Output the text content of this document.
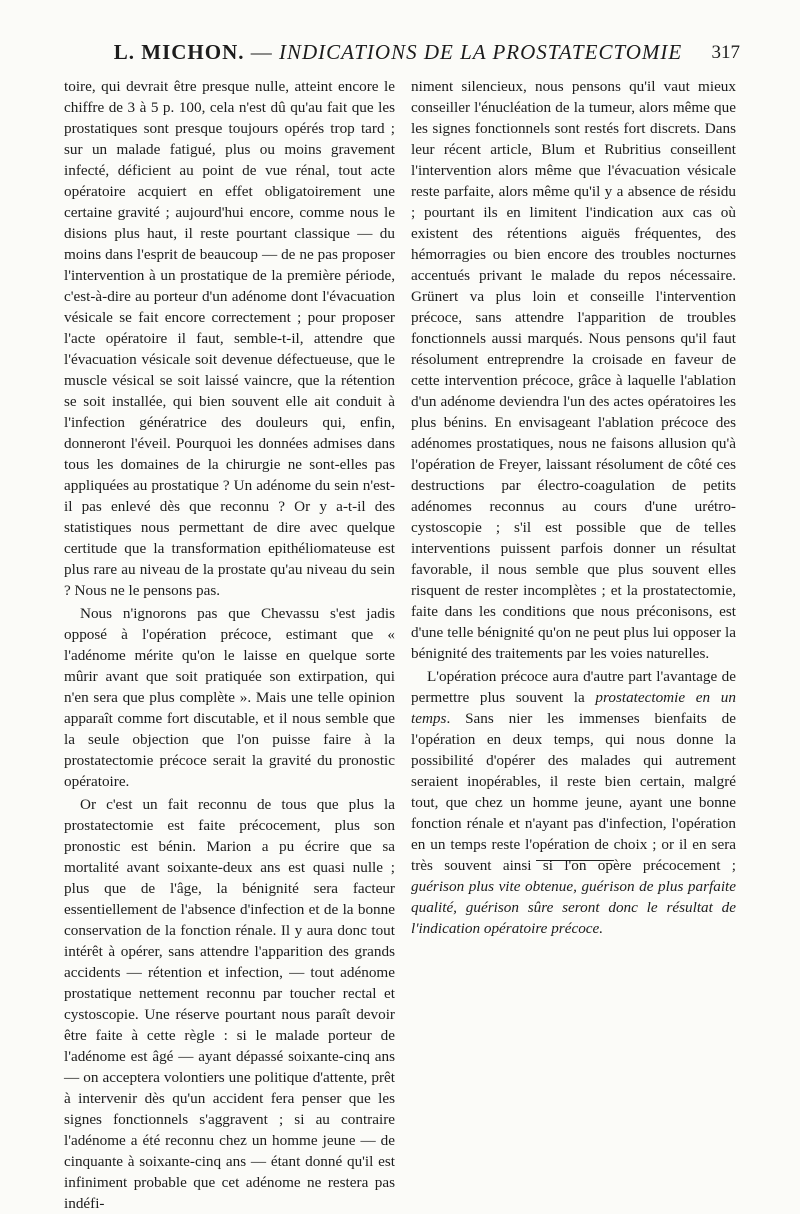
L. MICHON. — INDICATIONS DE LA PROSTATECTOMIE	317

toire, qui devrait être presque nulle, atteint encore le chiffre de 3 à 5 p. 100, cela n'est dû qu'au fait que les prostatiques sont presque toujours opérés trop tard ; sur un malade fatigué, plus ou moins gravement infecté, déficient au point de vue rénal, tout acte opératoire acquiert en effet obligatoirement une certaine gravité ; aujourd'hui encore, comme nous le disions plus haut, il reste pourtant classique — du moins dans l'esprit de beaucoup — de ne pas proposer l'intervention à un prostatique de la première période, c'est-à-dire au porteur d'un adénome dont l'évacuation vésicale se fait encore correctement ; pour proposer l'acte opératoire il faut, semble-t-il, attendre que l'évacuation vésicale soit devenue défectueuse, que le muscle vésical se soit laissé vaincre, que la rétention se soit installée, qui bien souvent elle ait conduit à l'infection génératrice des douleurs qui, enfin, donneront l'éveil. Pourquoi les données admises dans tous les domaines de la chirurgie ne sont-elles pas appliquées au prostatique ? Un adénome du sein n'est-il pas enlevé dès que reconnu ? Or y a-t-il des statistiques nous permettant de dire avec quelque certitude que la transformation epithéliomateuse est plus rare au niveau de la prostate qu'au niveau du sein ? Nous ne le pensons pas.

Nous n'ignorons pas que Chevassu s'est jadis opposé à l'opération précoce, estimant que « l'adénome mérite qu'on le laisse en quelque sorte mûrir avant que soit pratiquée son extirpation, qui n'en sera que plus complète ». Mais une telle opinion apparaît comme fort discutable, et il nous semble que la seule objection que l'on puisse faire à la prostatectomie précoce serait la gravité du pronostic opératoire.

Or c'est un fait reconnu de tous que plus la prostatectomie est faite précocement, plus son pronostic est bénin. Marion a pu écrire que sa mortalité avant soixante-deux ans est quasi nulle ; plus que de l'âge, la bénignité sera facteur essentiellement de l'absence d'infection et de la bonne conservation de la fonction rénale. Il y aura donc tout intérêt à opérer, sans attendre l'apparition des grands accidents — rétention et infection, — tout adénome prostatique nettement reconnu par toucher rectal et cystoscopie. Une réserve pourtant nous paraît devoir être faite à cette règle : si le malade porteur de l'adénome est âgé — ayant dépassé soixante-cinq ans — on acceptera volontiers une politique d'attente, prêt à intervenir dès qu'un accident fera penser que les signes fonctionnels s'aggravent ; si au contraire l'adénome a été reconnu chez un homme jeune — de cinquante à soixante-cinq ans — étant donné qu'il est infiniment probable que cet adénome ne restera pas indéfi-

niment silencieux, nous pensons qu'il vaut mieux conseiller l'énucléation de la tumeur, alors même que les signes fonctionnels sont restés fort discrets. Dans leur récent article, Blum et Rubritius conseillent l'intervention alors même que l'évacuation vésicale reste parfaite, alors même qu'il y a absence de résidu ; pourtant ils en limitent l'indication aux cas où existent des rétentions aiguës fréquentes, des hémorragies ou bien encore des troubles nocturnes accentués privant le malade du repos nécessaire. Grünert va plus loin et conseille l'intervention précoce, sans attendre l'apparition de troubles fonctionnels aussi marqués. Nous pensons qu'il faut résolument entreprendre la croisade en faveur de cette intervention précoce, grâce à laquelle l'ablation d'un adénome deviendra l'un des actes opératoires les plus bénins. En envisageant l'ablation précoce des adénomes prostatiques, nous ne faisons allusion qu'à l'opération de Freyer, laissant résolument de côté ces destructions par électro-coagulation de petits adénomes reconnus au cours d'une urétro-cystoscopie ; s'il est possible que de telles interventions puissent parfois donner un résultat favorable, il nous semble que plus souvent elles risquent de rester incomplètes ; et la prostatectomie, faite dans les conditions que nous préconisons, est d'une telle bénignité qu'on ne peut plus lui opposer la bénignité des traitements par les voies naturelles.

L'opération précoce aura d'autre part l'avantage de permettre plus souvent la prostatectomie en un temps. Sans nier les immenses bienfaits de l'opération en deux temps, qui nous donne la possibilité d'opérer des malades qui autrement seraient inopérables, il reste bien certain, malgré tout, que chez un homme jeune, ayant une bonne fonction rénale et n'ayant pas d'infection, l'opération en un temps reste l'opération de choix ; or il en sera très souvent ainsi si l'on opère précocement ; guérison plus vite obtenue, guérison de plus parfaite qualité, guérison sûre seront donc le résultat de l'indication opératoire précoce.
